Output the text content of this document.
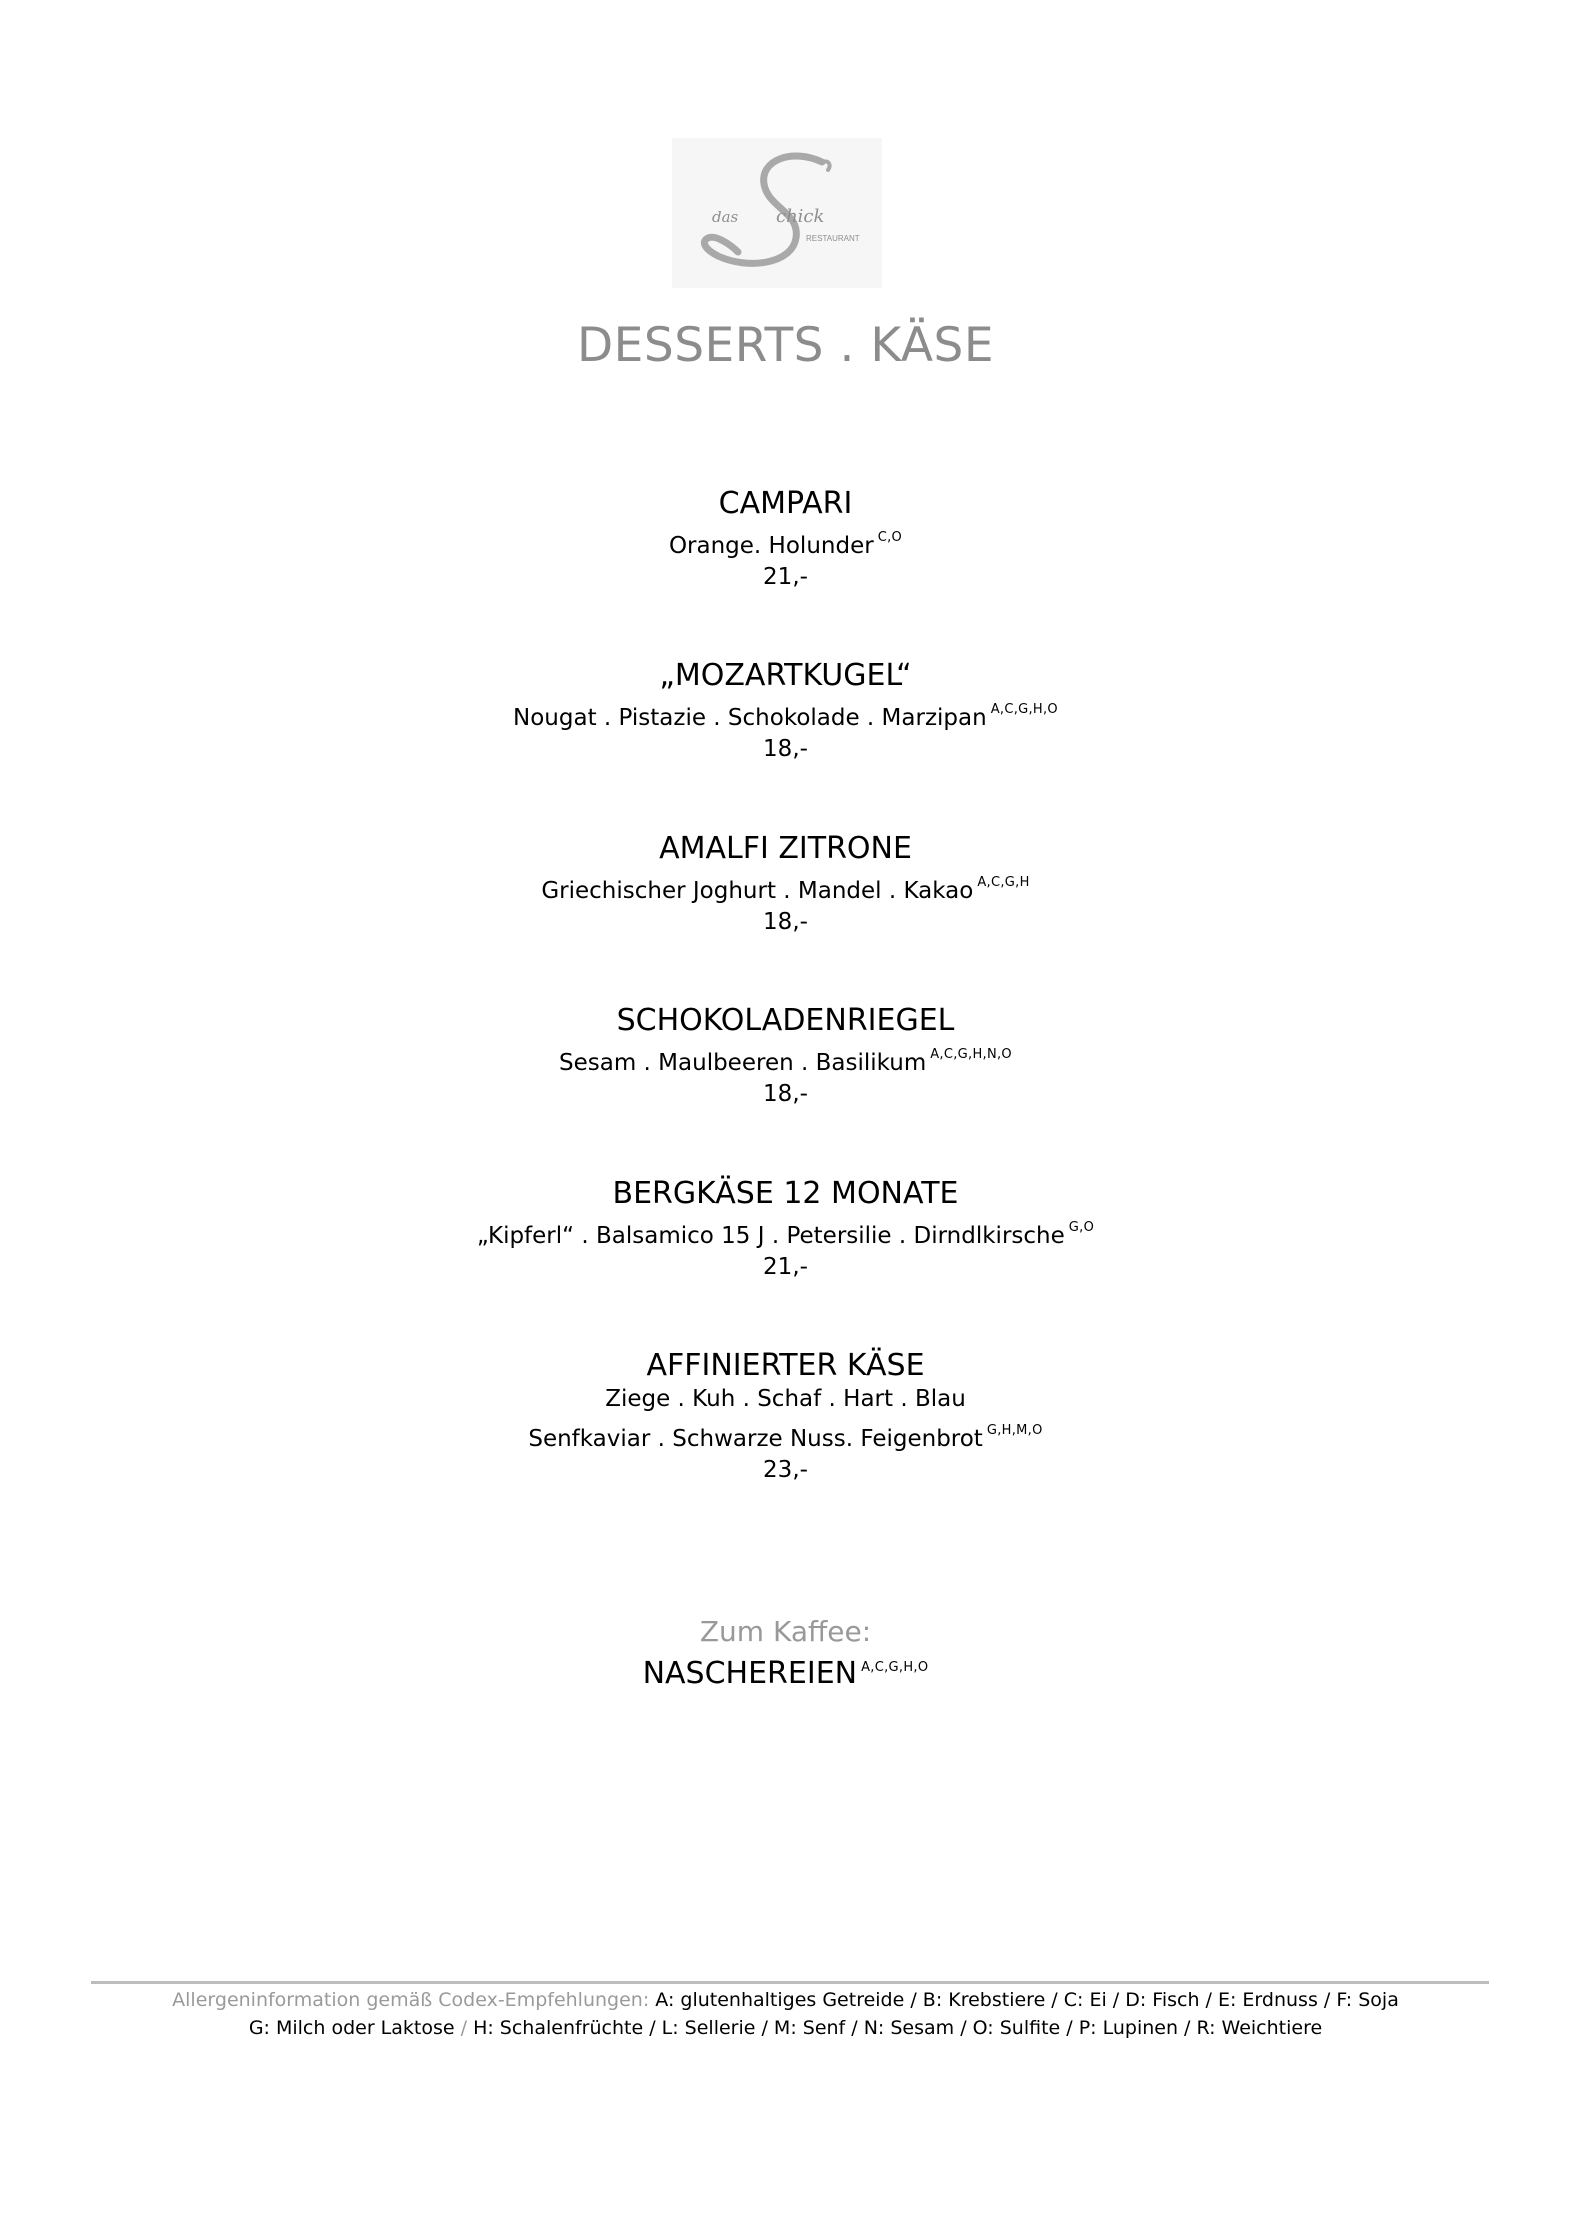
das chick
RESTAURANT
DESSERTS . KÄSE
CAMPARI
Orange. Holunder $^{C,O}$
21,-
„MOZARTKUGEL“
Nougat . Pistazie . Schokolade . Marzipan $^{A,C,G,H,O}$
18,-
AMALFI ZITRONE
Griechischer Joghurt . Mandel . Kakao $^{A,C,G,H}$
18,-
SCHOKOLADENRIEGEL
Sesam . Maulbeeren . Basilikum $^{A,C,G,H,N,O}$
18,-
BERGKÄSE 12 MONATE
„Kipferl“ . Balsamico 15 J . Petersilie . Dirndlkirsche $^{G,O}$
21,-
AFFINIERTER KÄSE
Ziege . Kuh . Schaf . Hart . Blau
Senfkaviar . Schwarze Nuss. Feigenbrot $^{G,H,M,O}$
23,-
Zum Kaffee:
NASCHEREIEN $^{A,C,G,H,O}$
Allergeninformation gemäß Codex-Empfehlungen: A: glutenhaltiges Getreide / B: Krebstiere / C: Ei / D: Fisch / E: Erdnuss / F: Soja
G: Milch oder Laktose / H: Schalenfrüchte / L: Sellerie / M: Senf / N: Sesam / O: Sulfite / P: Lupinen / R: Weichtiere
